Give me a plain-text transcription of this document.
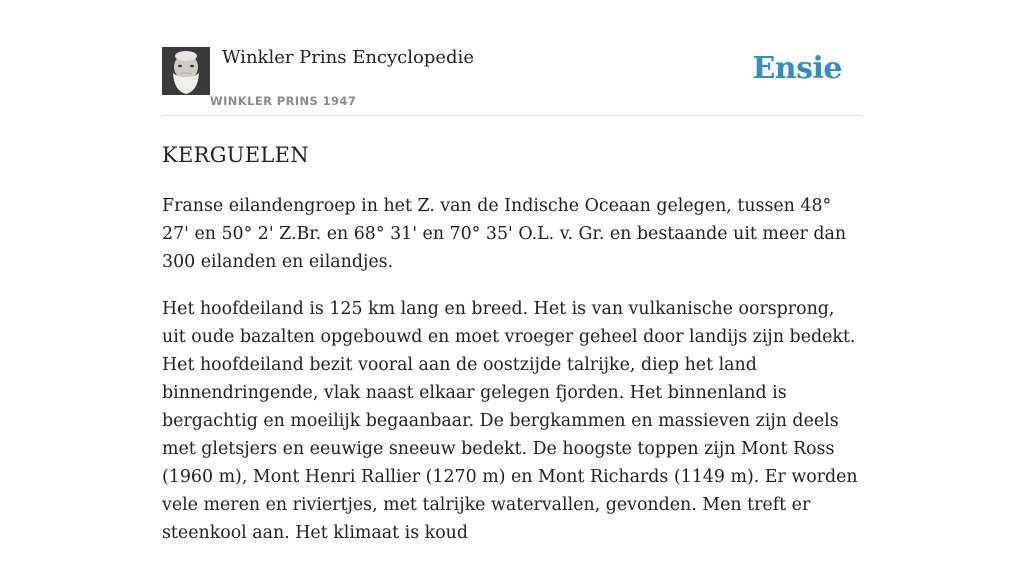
Winkler Prins Encyclopedie
WINKLER PRINS 1947
Ensie
KERGUELEN

Franse eilandengroep in het Z. van de Indische Oceaan gelegen, tussen 48° 27' en 50° 2' Z.Br. en 68° 31' en 70° 35' O.L. v. Gr. en bestaande uit meer dan 300 eilanden en eilandjes.

Het hoofdeiland is 125 km lang en breed. Het is van vulkanische oorsprong, uit oude bazalten opgebouwd en moet vroeger geheel door landijs zijn bedekt. Het hoofdeiland bezit vooral aan de oostzijde talrijke, diep het land binnendringende, vlak naast elkaar gelegen fjorden. Het binnenland is bergachtig en moeilijk begaanbaar. De bergkammen en massieven zijn deels met gletsjers en eeuwige sneeuw bedekt. De hoogste toppen zijn Mont Ross (1960 m), Mont Henri Rallier (1270 m) en Mont Richards (1149 m). Er worden vele meren en riviertjes, met talrijke watervallen, gevonden. Men treft er steenkool aan. Het klimaat is koud
